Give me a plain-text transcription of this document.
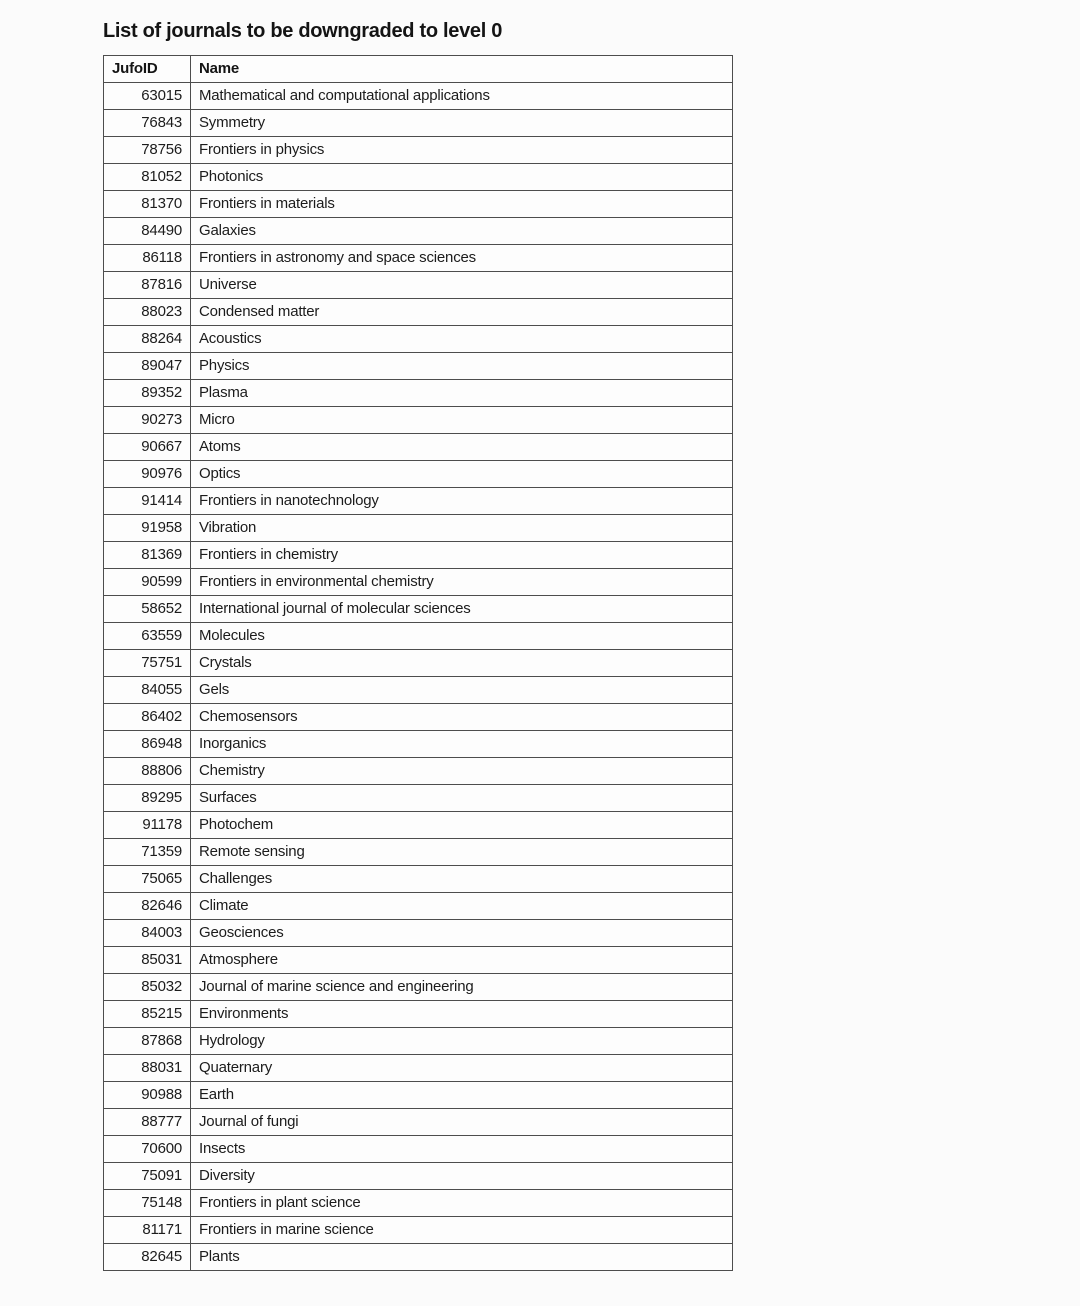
List of journals to be downgraded to level 0
JufoID	Name
63015	Mathematical and computational applications
76843	Symmetry
78756	Frontiers in physics
81052	Photonics
81370	Frontiers in materials
84490	Galaxies
86118	Frontiers in astronomy and space sciences
87816	Universe
88023	Condensed matter
88264	Acoustics
89047	Physics
89352	Plasma
90273	Micro
90667	Atoms
90976	Optics
91414	Frontiers in nanotechnology
91958	Vibration
81369	Frontiers in chemistry
90599	Frontiers in environmental chemistry
58652	International journal of molecular sciences
63559	Molecules
75751	Crystals
84055	Gels
86402	Chemosensors
86948	Inorganics
88806	Chemistry
89295	Surfaces
91178	Photochem
71359	Remote sensing
75065	Challenges
82646	Climate
84003	Geosciences
85031	Atmosphere
85032	Journal of marine science and engineering
85215	Environments
87868	Hydrology
88031	Quaternary
90988	Earth
88777	Journal of fungi
70600	Insects
75091	Diversity
75148	Frontiers in plant science
81171	Frontiers in marine science
82645	Plants
